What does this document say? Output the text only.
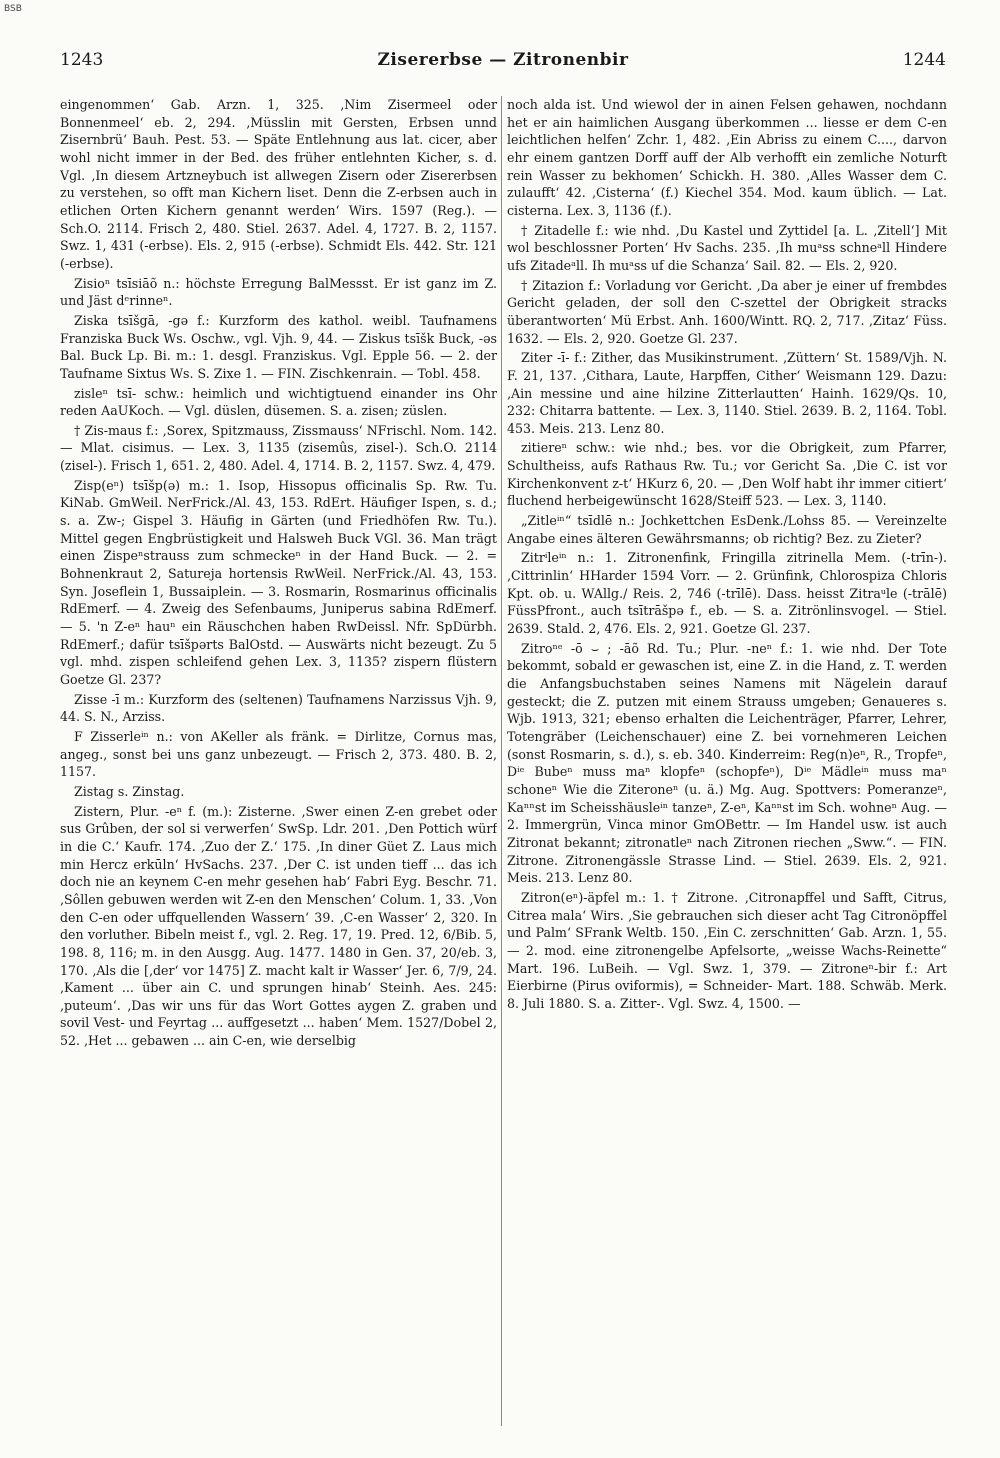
BSB
1243	Zisererbse — Zitronenbir	1244

eingenommen‘ Gab. Arzn. 1, 325. ‚Nim Zisermeel oder Bonnenmeel‘ eb. 2, 294. ‚Müsslin mit Gersten, Erbsen unnd Zisernbrü‘ Bauh. Pest. 53. — Späte Entlehnung aus lat. cicer, aber wohl nicht immer in der Bed. des früher entlehnten Kicher, s. d. Vgl. ‚In diesem Artzneybuch ist allwegen Zisern oder Zisererbsen zu verstehen, so offt man Kichern liset. Denn die Z-erbsen auch in etlichen Orten Kichern genannt werden‘ Wirs. 1597 (Reg.). — Sch.O. 2114. Frisch 2, 480. Stiel. 2637. Adel. 4, 1727. B. 2, 1157. Swz. 1, 431 (-erbse). Els. 2, 915 (-erbse). Schmidt Els. 442. Str. 121 (-erbse).

Zisioⁿ tsīsiāõ n.: höchste Erregung BalMessst. Er ist ganz im Z. und Jäst dᵉrinneⁿ.

Ziska tsīšgā, -gə f.: Kurzform des kathol. weibl. Taufnamens Franziska Buck Ws. Oschw., vgl. Vjh. 9, 44. — Ziskus tsīšk Buck, -əs Bal. Buck Lp. Bi. m.: 1. desgl. Franziskus. Vgl. Epple 56. — 2. der Taufname Sixtus Ws. S. Zixe 1. — FIN. Zischkenrain. — Tobl. 458.

zisleⁿ tsī- schw.: heimlich und wichtigtuend einander ins Ohr reden AaUKoch. — Vgl. düslen, düsemen. S. a. zisen; züslen.

† Zis-maus f.: ‚Sorex, Spitzmauss, Zissmauss‘ NFrischl. Nom. 142. — Mlat. cisimus. — Lex. 3, 1135 (zisemûs, zisel-). Sch.O. 2114 (zisel-). Frisch 1, 651. 2, 480. Adel. 4, 1714. B. 2, 1157. Swz. 4, 479.

Zisp(eⁿ) tsīšp(ə) m.: 1. Isop, Hissopus officinalis Sp. Rw. Tu. KiNab. GmWeil. NerFrick./Al. 43, 153. RdErt. Häufiger Ispen, s. d.; s. a. Zw-; Gispel 3. Häufig in Gärten (und Friedhöfen Rw. Tu.). Mittel gegen Engbrüstigkeit und Halsweh Buck VGl. 36. Man trägt einen Zispeⁿstrauss zum schmeckeⁿ in der Hand Buck. — 2. = Bohnenkraut 2, Satureja hortensis RwWeil. NerFrick./Al. 43, 153. Syn. Joseflein 1, Bussaiplein. — 3. Rosmarin, Rosmarinus officinalis RdEmerf. — 4. Zweig des Sefenbaums, Juniperus sabina RdEmerf. — 5. 'n Z-eⁿ hauⁿ ein Räuschchen haben RwDeissl. Nfr. SpDürbh. RdEmerf.; dafür tsīšpərts BalOstd. — Auswärts nicht bezeugt. Zu 5 vgl. mhd. zispen schleifend gehen Lex. 3, 1135? zispern flüstern Goetze Gl. 237?

Zisse -ī m.: Kurzform des (seltenen) Taufnamens Narzissus Vjh. 9, 44. S. N., Arziss.

F Zisserleⁱⁿ n.: von AKeller als fränk. = Dirlitze, Cornus mas, angeg., sonst bei uns ganz unbezeugt. — Frisch 2, 373. 480. B. 2, 1157.

Zistag s. Zinstag.

Zistern, Plur. -eⁿ f. (m.): Zisterne. ‚Swer einen Z-en grebet oder sus Grûben, der sol si verwerfen‘ SwSp. Ldr. 201. ‚Den Pottich würf in die C.‘ Kaufr. 174. ‚Zuo der Z.‘ 175. ‚In diner Güet Z. Laus mich min Hercz erkūln‘ HvSachs. 237. ‚Der C. ist unden tieff ... das ich doch nie an keynem C-en mehr gesehen hab‘ Fabri Eyg. Beschr. 71. ‚Sôllen gebuwen werden wit Z-en den Menschen‘ Colum. 1, 33. ‚Von den C-en oder uffquellenden Wassern‘ 39. ‚C-en Wasser‘ 2, 320. In den vorluther. Bibeln meist f., vgl. 2. Reg. 17, 19. Pred. 12, 6/Bib. 5, 198. 8, 116; m. in den Ausgg. Aug. 1477. 1480 in Gen. 37, 20/eb. 3, 170. ‚Als die [‚der‘ vor 1475] Z. macht kalt ir Wasser‘ Jer. 6, 7/9, 24. ‚Kament ... über ain C. und sprungen hinab‘ Steinh. Aes. 245: ‚puteum‘. ‚Das wir uns für das Wort Gottes aygen Z. graben und sovil Vest- und Feyrtag ... auffgesetzt ... haben‘ Mem. 1527/Dobel 2, 52. ‚Het ... gebawen ... ain C-en, wie derselbig

noch alda ist. Und wiewol der in ainen Felsen gehawen, nochdann het er ain haimlichen Ausgang überkommen ... liesse er dem C-en leichtlichen helfen‘ Zchr. 1, 482. ‚Ein Abriss zu einem C...., darvon ehr einem gantzen Dorff auff der Alb verhofft ein zemliche Noturft rein Wasser zu bekhomen‘ Schickh. H. 380. ‚Alles Wasser dem C. zulaufft‘ 42. ‚Cisterna‘ (f.) Kiechel 354. Mod. kaum üblich. — Lat. cisterna. Lex. 3, 1136 (f.).

† Zitadelle f.: wie nhd. ‚Du Kastel und Zyttidel [a. L. ‚Zitell‘] Mit wol beschlossner Porten‘ Hv Sachs. 235. ‚Ih muᵃss schneᵃll Hindere ufs Zitadeᵃll. Ih muᵃss uf die Schanza‘ Sail. 82. — Els. 2, 920.

† Zitazion f.: Vorladung vor Gericht. ‚Da aber je einer uf frembdes Gericht geladen, der soll den C-szettel der Obrigkeit stracks überantworten‘ Mü Erbst. Anh. 1600/Wintt. RQ. 2, 717. ‚Zitaz‘ Füss. 1632. — Els. 2, 920. Goetze Gl. 237.

Ziter -ī- f.: Zither, das Musikinstrument. ‚Züttern‘ St. 1589/Vjh. N. F. 21, 137. ‚Cithara, Laute, Harpffen, Cither‘ Weismann 129. Dazu: ‚Ain messine und aine hilzine Zitterlautten‘ Hainh. 1629/Qs. 10, 232: Chitarra battente. — Lex. 3, 1140. Stiel. 2639. B. 2, 1164. Tobl. 453. Meis. 213. Lenz 80.

zitiereⁿ schw.: wie nhd.; bes. vor die Obrigkeit, zum Pfarrer, Schultheiss, aufs Rathaus Rw. Tu.; vor Gericht Sa. ‚Die C. ist vor Kirchenkonvent z-t‘ HKurz 6, 20. — ‚Den Wolf habt ihr immer citiert‘ fluchend herbeigewünscht 1628/Steiff 523. — Lex. 3, 1140.

„Zitleⁱⁿ“ tsīdlē n.: Jochkettchen EsDenk./Lohss 85. — Vereinzelte Angabe eines älteren Gewährsmanns; ob richtig? Bez. zu Zieter?

Zitrⁱleⁱⁿ n.: 1. Zitronenfink, Fringilla zitrinella Mem. (-trīn-). ‚Cittrinlin‘ HHarder 1594 Vorr. — 2. Grünfink, Chlorospiza Chloris Kpt. ob. u. WAllg./ Reis. 2, 746 (-trīlē). Dass. heisst Zitraᵘle (-trālē) FüssPfront., auch tsītrāšpə f., eb. — S. a. Zitrönlinsvogel. — Stiel. 2639. Stald. 2, 476. Els. 2, 921. Goetze Gl. 237.

Zitroⁿᵉ -ō ⌣ ; -āõ Rd. Tu.; Plur. -neⁿ f.: 1. wie nhd. Der Tote bekommt, sobald er gewaschen ist, eine Z. in die Hand, z. T. werden die Anfangsbuchstaben seines Namens mit Nägelein darauf gesteckt; die Z. putzen mit einem Strauss umgeben; Genaueres s. Wjb. 1913, 321; ebenso erhalten die Leichenträger, Pfarrer, Lehrer, Totengräber (Leichenschauer) eine Z. bei vornehmeren Leichen (sonst Rosmarin, s. d.), s. eb. 340. Kinderreim: Reg(n)eⁿ, R., Tropfeⁿ, Dⁱᵉ Bubeⁿ muss maⁿ klopfeⁿ (schopfeⁿ), Dⁱᵉ Mädleⁱⁿ muss maⁿ schoneⁿ Wie die Ziteroneⁿ (u. ä.) Mg. Aug. Spottvers: Pomeranzeⁿ, Kaⁿⁿst im Scheisshäusleⁱⁿ tanzeⁿ, Z-eⁿ, Kaⁿⁿst im Sch. wohneⁿ Aug. — 2. Immergrün, Vinca minor GmOBettr. — Im Handel usw. ist auch Zitronat bekannt; zitronatleⁿ nach Zitronen riechen „Sww.“. — FIN. Zitrone. Zitronengässle Strasse Lind. — Stiel. 2639. Els. 2, 921. Meis. 213. Lenz 80.

Zitron(eⁿ)-äpfel m.: 1. † Zitrone. ‚Citronapffel und Safft, Citrus, Citrea mala‘ Wirs. ‚Sie gebrauchen sich dieser acht Tag Citronöpffel und Palm‘ SFrank Weltb. 150. ‚Ein C. zerschnitten‘ Gab. Arzn. 1, 55. — 2. mod. eine zitronengelbe Apfelsorte, „weisse Wachs-Reinette“ Mart. 196. LuBeih. — Vgl. Swz. 1, 379. — Zitroneⁿ-bir f.: Art Eierbirne (Pirus oviformis), = Schneider- Mart. 188. Schwäb. Merk. 8. Juli 1880. S. a. Zitter-. Vgl. Swz. 4, 1500. —
